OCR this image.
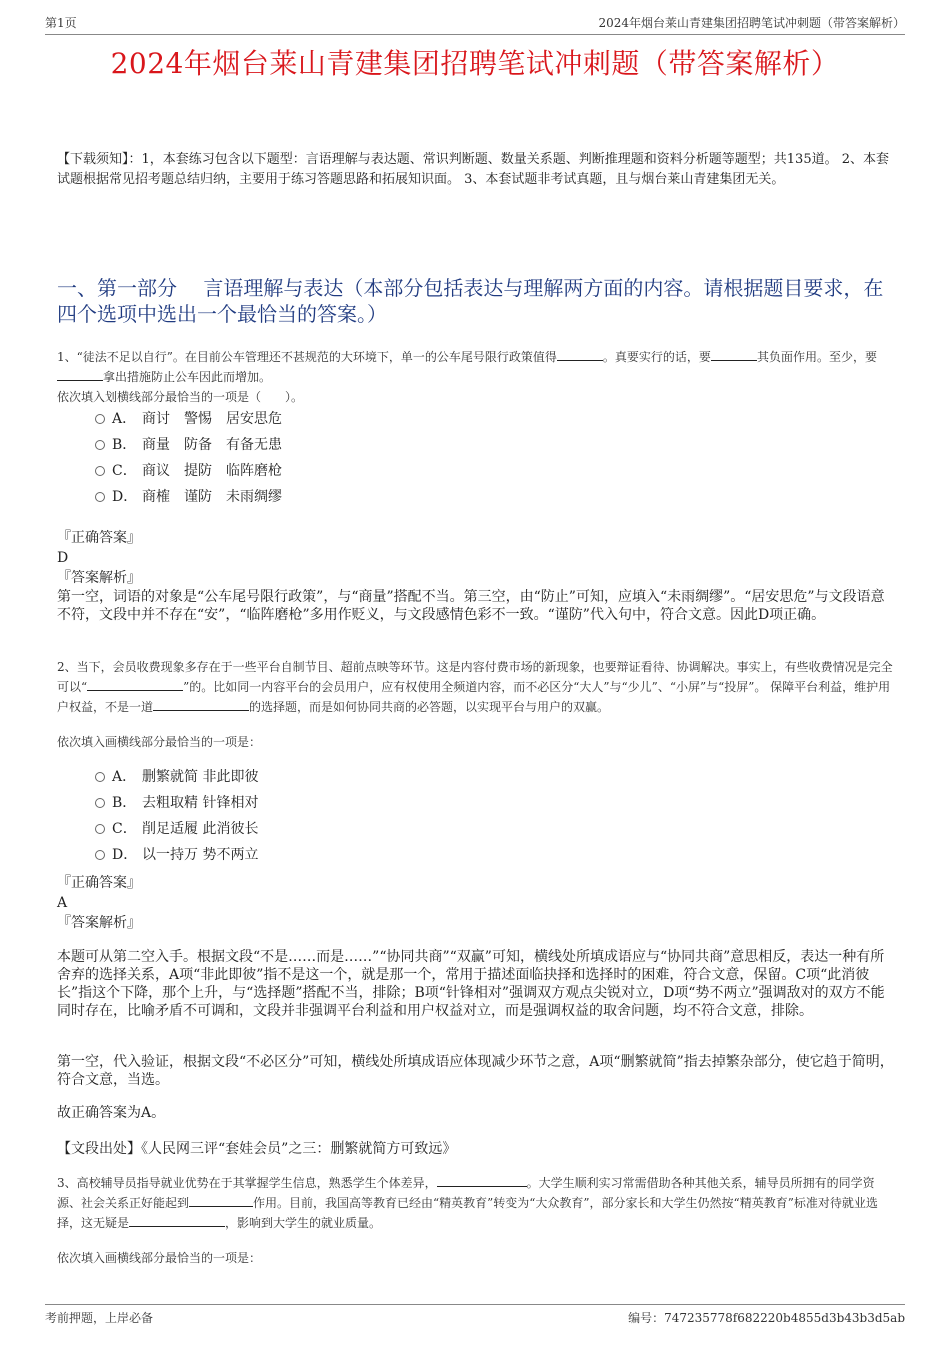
第1页	2024年烟台莱山青建集团招聘笔试冲刺题（带答案解析）
2024年烟台莱山青建集团招聘笔试冲刺题（带答案解析）
【下载须知】：1，本套练习包含以下题型：言语理解与表达题、常识判断题、数量关系题、判断推理题和资料分析题等题型；共135道。 2、本套试题根据常见招考题总结归纳，主要用于练习答题思路和拓展知识面。 3、本套试题非考试真题，且与烟台莱山青建集团无关。
一、第一部分　 言语理解与表达（本部分包括表达与理解两方面的内容。请根据题目要求，在四个选项中选出一个最恰当的答案。）
1、“徒法不足以自行”。在目前公车管理还不甚规范的大环境下，单一的公车尾号限行政策值得	。真要实行的话，要	其负面作用。至少，要拿出措施防止公车因此而增加。
依次填入划横线部分最恰当的一项是（　　）。
A． 商讨　警惕　居安思危
B． 商量　防备　有备无患
C． 商议　提防　临阵磨枪
D． 商榷　谨防　未雨绸缪
『正确答案』
D
『答案解析』
第一空，词语的对象是“公车尾号限行政策”，与“商量”搭配不当。第三空，由“防止”可知，应填入“未雨绸缪”。“居安思危”与文段语意不符，文段中并不存在“安”，“临阵磨枪”多用作贬义，与文段感情色彩不一致。“谨防”代入句中，符合文意。因此D项正确。
2、当下，会员收费现象多存在于一些平台自制节目、超前点映等环节。这是内容付费市场的新现象，也要辩证看待、协调解决。事实上，有些收费情况是完全可以“	”的。比如同一内容平台的会员用户，应有权使用全频道内容，而不必区分“大人”与“少儿”、“小屏”与“投屏”。 保障平台利益，维护用户权益，不是一道	的选择题，而是如何协同共商的必答题，以实现平台与用户的双赢。
依次填入画横线部分最恰当的一项是：
A． 删繁就简 非此即彼
B． 去粗取精 针锋相对
C． 削足适履 此消彼长
D． 以一持万 势不两立
『正确答案』
A
『答案解析』
本题可从第二空入手。根据文段“不是……而是……”“协同共商”“双赢”可知，横线处所填成语应与“协同共商”意思相反，表达一种有所舍弃的选择关系，A项“非此即彼”指不是这一个，就是那一个，常用于描述面临抉择和选择时的困难，符合文意，保留。C项“此消彼长”指这个下降，那个上升，与“选择题”搭配不当，排除；B项“针锋相对”强调双方观点尖锐对立，D项“势不两立”强调敌对的双方不能同时存在，比喻矛盾不可调和，文段并非强调平台利益和用户权益对立，而是强调权益的取舍问题，均不符合文意，排除。
第一空，代入验证，根据文段“不必区分”可知，横线处所填成语应体现减少环节之意，A项“删繁就简”指去掉繁杂部分，使它趋于简明，符合文意，当选。
故正确答案为A。
【文段出处】《人民网三评“套娃会员”之三：删繁就简方可致远》
3、高校辅导员指导就业优势在于其掌握学生信息，熟悉学生个体差异，	。大学生顺利实习常需借助各种其他关系，辅导员所拥有的同学资源、社会关系正好能起到	作用。目前，我国高等教育已经由“精英教育”转变为“大众教育”，部分家长和大学生仍然按“精英教育”标准对待就业选择，这无疑是	，影响到大学生的就业质量。
依次填入画横线部分最恰当的一项是：
考前押题，上岸必备	编号：747235778f682220b4855d3b43b3d5ab
